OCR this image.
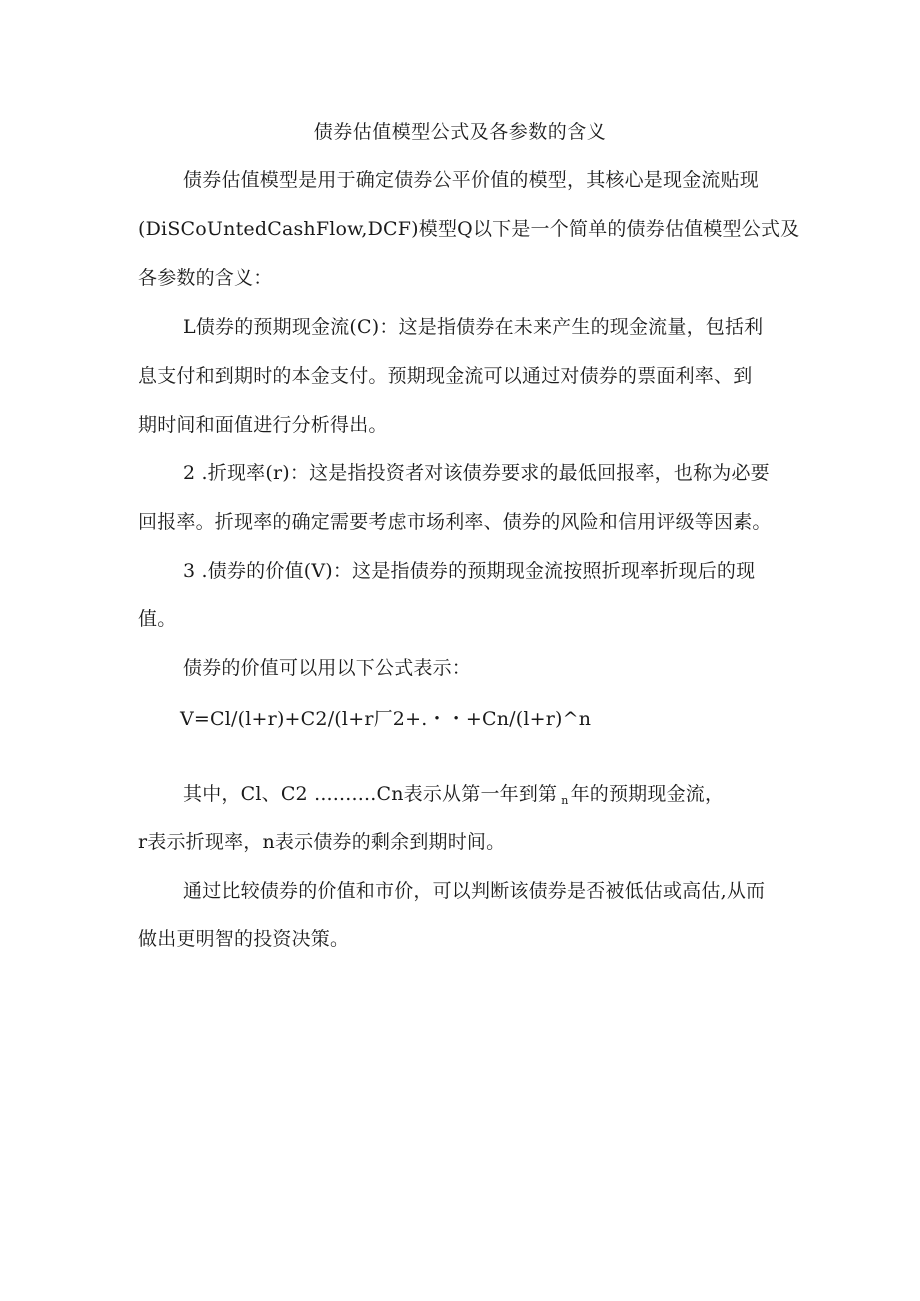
债券估值模型公式及各参数的含义
债券估值模型是用于确定债券公平价值的模型，其核心是现金流贴现
(DiSCoUntedCashFlow,DCF)模型Q以下是一个简单的债券估值模型公式及
各参数的含义：
L债券的预期现金流(C)：这是指债券在未来产生的现金流量，包括利
息支付和到期时的本金支付。预期现金流可以通过对债券的票面利率、到
期时间和面值进行分析得出。
2 .折现率(r)：这是指投资者对该债券要求的最低回报率，也称为必要
回报率。折现率的确定需要考虑市场利率、债券的风险和信用评级等因素。
3 .债券的价值(V)：这是指债券的预期现金流按照折现率折现后的现
值。
债券的价值可以用以下公式表示：
V=Cl∕(l+r)+C2∕(l+r厂2+.・・+Cn∕(l+r)^n
其中，Cl、C2 ..........Cn表示从第一年到第 $_n$ 年的预期现金流，
r表示折现率，n表示债券的剩余到期时间。
通过比较债券的价值和市价，可以判断该债券是否被低估或高估,从而
做出更明智的投资决策。
